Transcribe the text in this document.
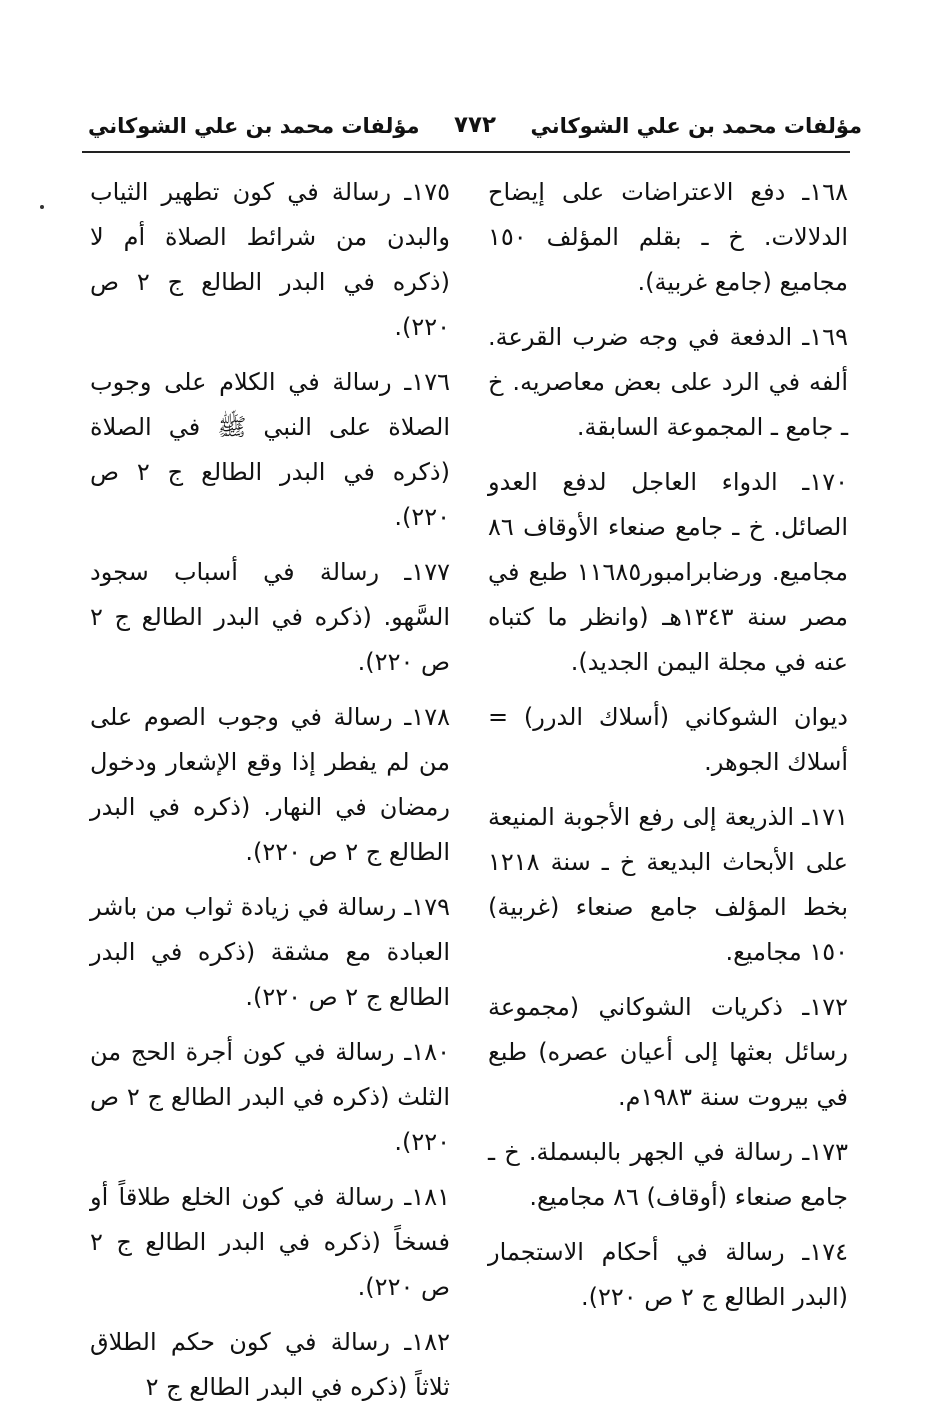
مؤلفات محمد بن علي الشوكاني
٧٧٢
مؤلفات محمد بن علي الشوكاني

١٦٨ـ دفع الاعتراضات على إيضاح الدلالات. خ ـ بقلم المؤلف ١٥٠ مجاميع (جامع غربية).

١٦٩ـ الدفعة في وجه ضرب القرعة. ألفه في الرد على بعض معاصريه. خ ـ جامع ـ المجموعة السابقة.

١٧٠ـ الدواء العاجل لدفع العدو الصائل. خ ـ جامع صنعاء الأوقاف ٨٦ مجاميع. ورضابرامبور١١٦٨٥ طبع في مصر سنة ١٣٤٣هـ (وانظر ما كتباه عنه في مجلة اليمن الجديد).

ديوان الشوكاني (أسلاك الدرر) = أسلاك الجوهر.

١٧١ـ الذريعة إلى رفع الأجوبة المنيعة على الأبحاث البديعة خ ـ سنة ١٢١٨ بخط المؤلف جامع صنعاء (غربية) ١٥٠ مجاميع.

١٧٢ـ ذكريات الشوكاني (مجموعة رسائل بعثها إلى أعيان عصره) طبع في بيروت سنة ١٩٨٣م.

١٧٣ـ رسالة في الجهر بالبسملة. خ ـ جامع صنعاء (أوقاف) ٨٦ مجاميع.

١٧٤ـ رسالة في أحكام الاستجمار (البدر الطالع ج ٢ ص ٢٢٠).

١٧٥ـ رسالة في كون تطهير الثياب والبدن من شرائط الصلاة أم لا (ذكره في البدر الطالع ج ٢ ص ٢٢٠).

١٧٦ـ رسالة في الكلام على وجوب الصلاة على النبي ﷺ في الصلاة (ذكره في البدر الطالع ج ٢ ص ٢٢٠).

١٧٧ـ رسالة في أسباب سجود السَّهو. (ذكره في البدر الطالع ج ٢ ص ٢٢٠).

١٧٨ـ رسالة في وجوب الصوم على من لم يفطر إذا وقع الإشعار ودخول رمضان في النهار. (ذكره في البدر الطالع ج ٢ ص ٢٢٠).

١٧٩ـ رسالة في زيادة ثواب من باشر العبادة مع مشقة (ذكره في البدر الطالع ج ٢ ص ٢٢٠).

١٨٠ـ رسالة في كون أجرة الحج من الثلث (ذكره في البدر الطالع ج ٢ ص ٢٢٠).

١٨١ـ رسالة في كون الخلع طلاقاً أو فسخاً (ذكره في البدر الطالع ج ٢ ص ٢٢٠).

١٨٢ـ رسالة في كون حكم الطلاق ثلاثاً (ذكره في البدر الطالع ج ٢
